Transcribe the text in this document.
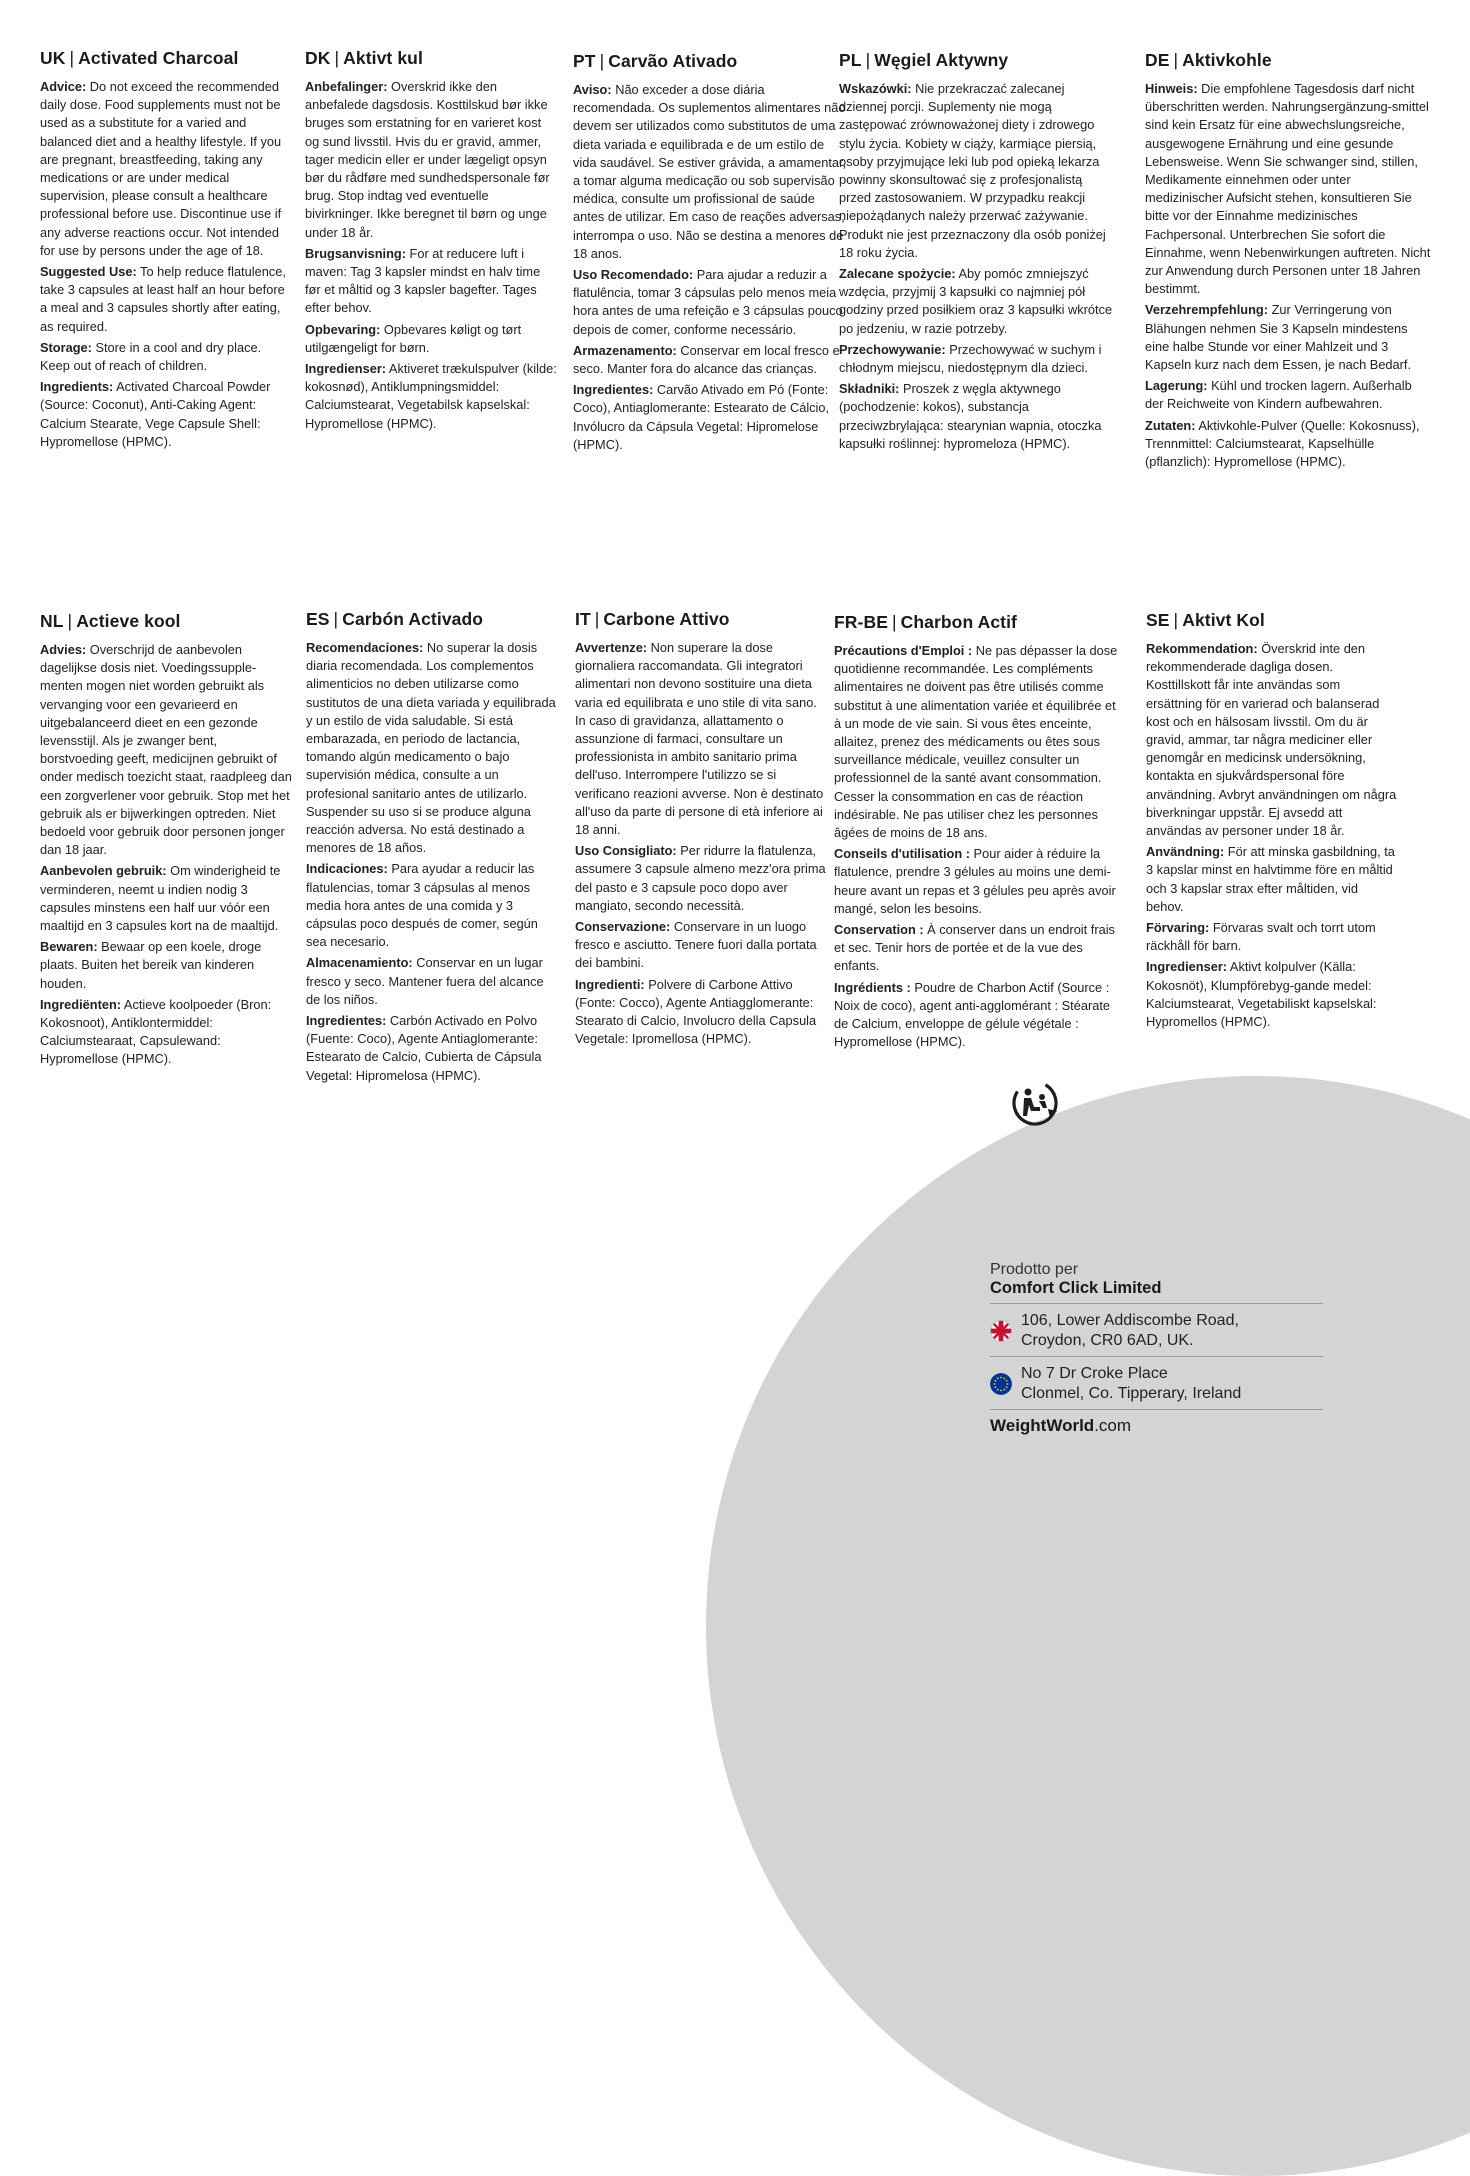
UK | Activated Charcoal

Advice: Do not exceed the recommended daily dose. Food supplements must not be used as a substitute for a varied and balanced diet and a healthy lifestyle. If you are pregnant, breastfeeding, taking any medications or are under medical supervision, please consult a healthcare professional before use. Discontinue use if any adverse reactions occur. Not intended for use by persons under the age of 18.

Suggested Use: To help reduce flatulence, take 3 capsules at least half an hour before a meal and 3 capsules shortly after eating, as required.

Storage: Store in a cool and dry place. Keep out of reach of children.

Ingredients: Activated Charcoal Powder (Source: Coconut), Anti-Caking Agent: Calcium Stearate, Vege Capsule Shell: Hypromellose (HPMC).

DK | Aktivt kul

Anbefalinger: Overskrid ikke den anbefalede dagsdosis. Kosttilskud bør ikke bruges som erstatning for en varieret kost og sund livsstil. Hvis du er gravid, ammer, tager medicin eller er under lægeligt opsyn bør du rådføre med sundhedspersonale før brug. Stop indtag ved eventuelle bivirkninger. Ikke beregnet til børn og unge under 18 år.

Brugsanvisning: For at reducere luft i maven: Tag 3 kapsler mindst en halv time før et måltid og 3 kapsler bagefter. Tages efter behov.

Opbevaring: Opbevares køligt og tørt utilgængeligt for børn.

Ingredienser: Aktiveret trækulspulver (kilde: kokosnød), Antiklumpningsmiddel: Calciumstearat, Vegetabilsk kapselskal: Hypromellose (HPMC).

PT | Carvão Ativado

Aviso: Não exceder a dose diária recomendada. Os suplementos alimentares não devem ser utilizados como substitutos de uma dieta variada e equilibrada e de um estilo de vida saudável. Se estiver grávida, a amamentar, a tomar alguma medicação ou sob supervisão médica, consulte um profissional de saúde antes de utilizar. Em caso de reações adversas, interrompa o uso. Não se destina a menores de 18 anos.

Uso Recomendado: Para ajudar a reduzir a flatulência, tomar 3 cápsulas pelo menos meia hora antes de uma refeição e 3 cápsulas pouco depois de comer, conforme necessário.

Armazenamento: Conservar em local fresco e seco. Manter fora do alcance das crianças.

Ingredientes: Carvão Ativado em Pó (Fonte: Coco), Antiaglomerante: Estearato de Cálcio, Invólucro da Cápsula Vegetal: Hipromelose (HPMC).

PL | Węgiel Aktywny

Wskazówki: Nie przekraczać zalecanej dziennej porcji. Suplementy nie mogą zastępować zrównoważonej diety i zdrowego stylu życia. Kobiety w ciąży, karmiące piersią, osoby przyjmujące leki lub pod opieką lekarza powinny skonsultować się z profesjonalistą przed zastosowaniem. W przypadku reakcji niepożądanych należy przerwać zażywanie. Produkt nie jest przeznaczony dla osób poniżej 18 roku życia.

Zalecane spożycie: Aby pomóc zmniejszyć wzdęcia, przyjmij 3 kapsułki co najmniej pół godziny przed posiłkiem oraz 3 kapsułki wkrótce po jedzeniu, w razie potrzeby.

Przechowywanie: Przechowywać w suchym i chłodnym miejscu, niedostępnym dla dzieci.

Składniki: Proszek z węgla aktywnego (pochodzenie: kokos), substancja przeciwzbrylająca: stearynian wapnia, otoczka kapsułki roślinnej: hypromeloza (HPMC).

DE | Aktivkohle

Hinweis: Die empfohlene Tagesdosis darf nicht überschritten werden. Nahrungsergänzung-smittel sind kein Ersatz für eine abwechslungsreiche, ausgewogene Ernährung und eine gesunde Lebensweise. Wenn Sie schwanger sind, stillen, Medikamente einnehmen oder unter medizinischer Aufsicht stehen, konsultieren Sie bitte vor der Einnahme medizinisches Fachpersonal. Unterbrechen Sie sofort die Einnahme, wenn Nebenwirkungen auftreten. Nicht zur Anwendung durch Personen unter 18 Jahren bestimmt.

Verzehrempfehlung: Zur Verringerung von Blähungen nehmen Sie 3 Kapseln mindestens eine halbe Stunde vor einer Mahlzeit und 3 Kapseln kurz nach dem Essen, je nach Bedarf.

Lagerung: Kühl und trocken lagern. Außerhalb der Reichweite von Kindern aufbewahren.

Zutaten: Aktivkohle-Pulver (Quelle: Kokosnuss), Trennmittel: Calciumstearat, Kapselhülle (pflanzlich): Hypromellose (HPMC).

NL | Actieve kool

Advies: Overschrijd de aanbevolen dagelijkse dosis niet. Voedingssupple-menten mogen niet worden gebruikt als vervanging voor een gevarieerd en uitgebalanceerd dieet en een gezonde levensstijl. Als je zwanger bent, borstvoeding geeft, medicijnen gebruikt of onder medisch toezicht staat, raadpleeg dan een zorgverlener voor gebruik. Stop met het gebruik als er bijwerkingen optreden. Niet bedoeld voor gebruik door personen jonger dan 18 jaar.

Aanbevolen gebruik: Om winderigheid te verminderen, neemt u indien nodig 3 capsules minstens een half uur vóór een maaltijd en 3 capsules kort na de maaltijd.

Bewaren: Bewaar op een koele, droge plaats. Buiten het bereik van kinderen houden.

Ingrediënten: Actieve koolpoeder (Bron: Kokosnoot), Antiklontermiddel: Calciumstearaat, Capsulewand: Hypromellose (HPMC).

ES | Carbón Activado

Recomendaciones: No superar la dosis diaria recomendada. Los complementos alimenticios no deben utilizarse como sustitutos de una dieta variada y equilibrada y un estilo de vida saludable. Si está embarazada, en periodo de lactancia, tomando algún medicamento o bajo supervisión médica, consulte a un profesional sanitario antes de utilizarlo. Suspender su uso si se produce alguna reacción adversa. No está destinado a menores de 18 años.

Indicaciones: Para ayudar a reducir las flatulencias, tomar 3 cápsulas al menos media hora antes de una comida y 3 cápsulas poco después de comer, según sea necesario.

Almacenamiento: Conservar en un lugar fresco y seco. Mantener fuera del alcance de los niños.

Ingredientes: Carbón Activado en Polvo (Fuente: Coco), Agente Antiaglomerante: Estearato de Calcio, Cubierta de Cápsula Vegetal: Hipromelosa (HPMC).

IT | Carbone Attivo

Avvertenze: Non superare la dose giornaliera raccomandata. Gli integratori alimentari non devono sostituire una dieta varia ed equilibrata e uno stile di vita sano. In caso di gravidanza, allattamento o assunzione di farmaci, consultare un professionista in ambito sanitario prima dell'uso. Interrompere l'utilizzo se si verificano reazioni avverse. Non è destinato all'uso da parte di persone di età inferiore ai 18 anni.

Uso Consigliato: Per ridurre la flatulenza, assumere 3 capsule almeno mezz'ora prima del pasto e 3 capsule poco dopo aver mangiato, secondo necessità.

Conservazione: Conservare in un luogo fresco e asciutto. Tenere fuori dalla portata dei bambini.

Ingredienti: Polvere di Carbone Attivo (Fonte: Cocco), Agente Antiagglomerante: Stearato di Calcio, Involucro della Capsula Vegetale: Ipromellosa (HPMC).

FR-BE | Charbon Actif

Précautions d'Emploi : Ne pas dépasser la dose quotidienne recommandée. Les compléments alimentaires ne doivent pas être utilisés comme substitut à une alimentation variée et équilibrée et à un mode de vie sain. Si vous êtes enceinte, allaitez, prenez des médicaments ou êtes sous surveillance médicale, veuillez consulter un professionnel de la santé avant consommation. Cesser la consommation en cas de réaction indésirable. Ne pas utiliser chez les personnes âgées de moins de 18 ans.

Conseils d'utilisation : Pour aider à réduire la flatulence, prendre 3 gélules au moins une demi-heure avant un repas et 3 gélules peu après avoir mangé, selon les besoins.

Conservation : À conserver dans un endroit frais et sec. Tenir hors de portée et de la vue des enfants.

Ingrédients : Poudre de Charbon Actif (Source : Noix de coco), agent anti-agglomérant : Stéarate de Calcium, enveloppe de gélule végétale : Hypromellose (HPMC).

SE | Aktivt Kol

Rekommendation: Överskrid inte den rekommenderade dagliga dosen. Kosttillskott får inte användas som ersättning för en varierad och balanserad kost och en hälsosam livsstil. Om du är gravid, ammar, tar några mediciner eller genomgår en medicinsk undersökning, kontakta en sjukvårdspersonal före användning. Avbryt användningen om några biverkningar uppstår. Ej avsedd att användas av personer under 18 år.

Användning: För att minska gasbildning, ta 3 kapslar minst en halvtimme före en måltid och 3 kapslar strax efter måltiden, vid behov.

Förvaring: Förvaras svalt och torrt utom räckhåll för barn.

Ingredienser: Aktivt kolpulver (Källa: Kokosnöt), Klumpförebyg-gande medel: Kalciumstearat, Vegetabiliskt kapselskal: Hypromellos (HPMC).

Prodotto per
Comfort Click Limited
106, Lower Addiscombe Road,
Croydon, CR0 6AD, UK.
No 7 Dr Croke Place
Clonmel, Co. Tipperary, Ireland
WeightWorld.com
